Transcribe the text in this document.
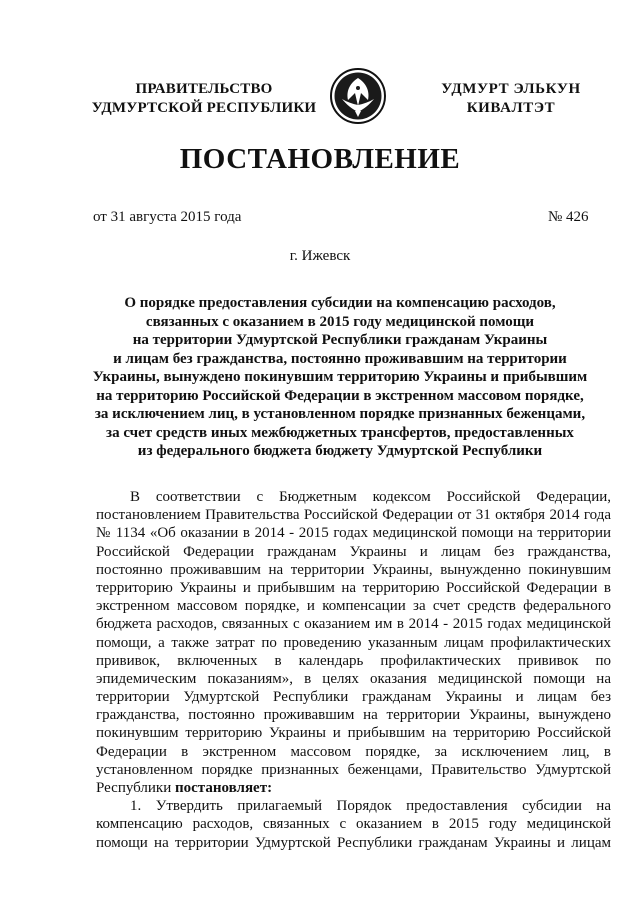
ПРАВИТЕЛЬСТВО
УДМУРТСКОЙ РЕСПУБЛИКИ
УДМУРТ ЭЛЬКУН
КИВАЛТЭТ
ПОСТАНОВЛЕНИЕ
от 31 августа 2015 года	№ 426
г. Ижевск
О порядке предоставления субсидии на компенсацию расходов,
связанных с оказанием в 2015 году медицинской помощи
на территории Удмуртской Республики гражданам Украины
и лицам без гражданства, постоянно проживавшим на территории
Украины, вынуждено покинувшим территорию Украины и прибывшим
на территорию Российской Федерации в экстренном массовом порядке,
за исключением лиц, в установленном порядке признанных беженцами,
за счет средств иных межбюджетных трансфертов, предоставленных
из федерального бюджета бюджету Удмуртской Республики
В соответствии с Бюджетным кодексом Российской Федерации,
постановлением Правительства Российской Федерации от 31 октября 2014 года
№ 1134 «Об оказании в 2014 - 2015 годах медицинской помощи на территории
Российской Федерации гражданам Украины и лицам без гражданства,
постоянно проживавшим на территории Украины, вынужденно покинувшим
территорию Украины и прибывшим на территорию Российской Федерации в
экстренном массовом порядке, и компенсации за счет средств федерального
бюджета расходов, связанных с оказанием им в 2014 - 2015 годах медицинской
помощи, а также затрат по проведению указанным лицам профилактических
прививок, включенных в календарь профилактических прививок по
эпидемическим показаниям», в целях оказания медицинской помощи на
территории Удмуртской Республики гражданам Украины и лицам без
гражданства, постоянно проживавшим на территории Украины, вынуждено
покинувшим территорию Украины и прибывшим на территорию Российской
Федерации в экстренном массовом порядке, за исключением лиц, в
установленном порядке признанных беженцами, Правительство Удмуртской
Республики постановляет:
1. Утвердить прилагаемый Порядок предоставления субсидии на
компенсацию расходов, связанных с оказанием в 2015 году медицинской
помощи на территории Удмуртской Республики гражданам Украины и лицам
